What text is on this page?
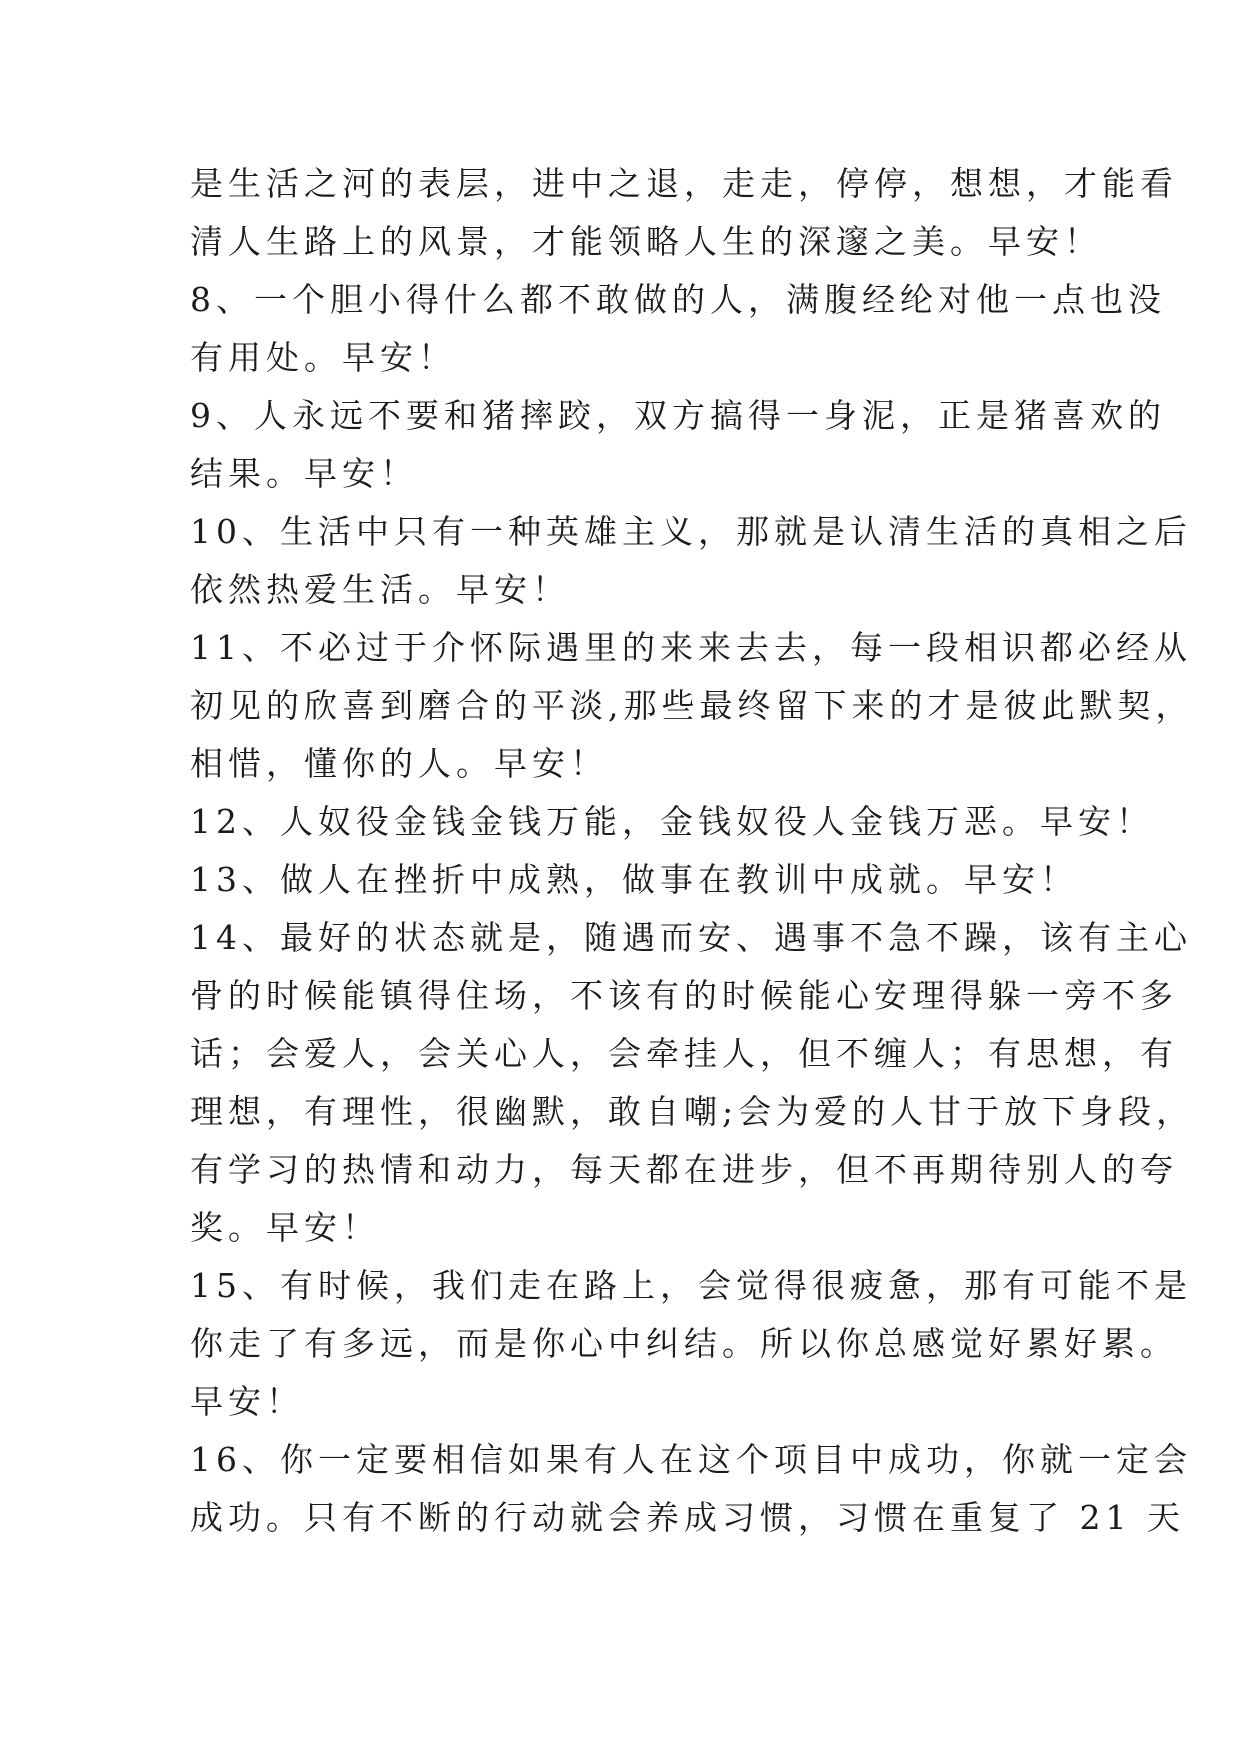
是生活之河的表层，进中之退，走走，停停，想想，才能看
清人生路上的风景，才能领略人生的深邃之美。早安！
8、一个胆小得什么都不敢做的人，满腹经纶对他一点也没
有用处。早安！
9、人永远不要和猪摔跤，双方搞得一身泥，正是猪喜欢的
结果。早安！
10、生活中只有一种英雄主义，那就是认清生活的真相之后
依然热爱生活。早安！
11、不必过于介怀际遇里的来来去去，每一段相识都必经从
初见的欣喜到磨合的平淡,那些最终留下来的才是彼此默契，
相惜，懂你的人。早安！
12、人奴役金钱金钱万能，金钱奴役人金钱万恶。早安！
13、做人在挫折中成熟，做事在教训中成就。早安！
14、最好的状态就是，随遇而安、遇事不急不躁，该有主心
骨的时候能镇得住场，不该有的时候能心安理得躲一旁不多
话；会爱人，会关心人，会牵挂人，但不缠人；有思想，有
理想，有理性，很幽默，敢自嘲;会为爱的人甘于放下身段，
有学习的热情和动力，每天都在进步，但不再期待别人的夸
奖。早安！
15、有时候，我们走在路上，会觉得很疲惫，那有可能不是
你走了有多远，而是你心中纠结。所以你总感觉好累好累。
早安！
16、你一定要相信如果有人在这个项目中成功，你就一定会
成功。只有不断的行动就会养成习惯，习惯在重复了 21 天
